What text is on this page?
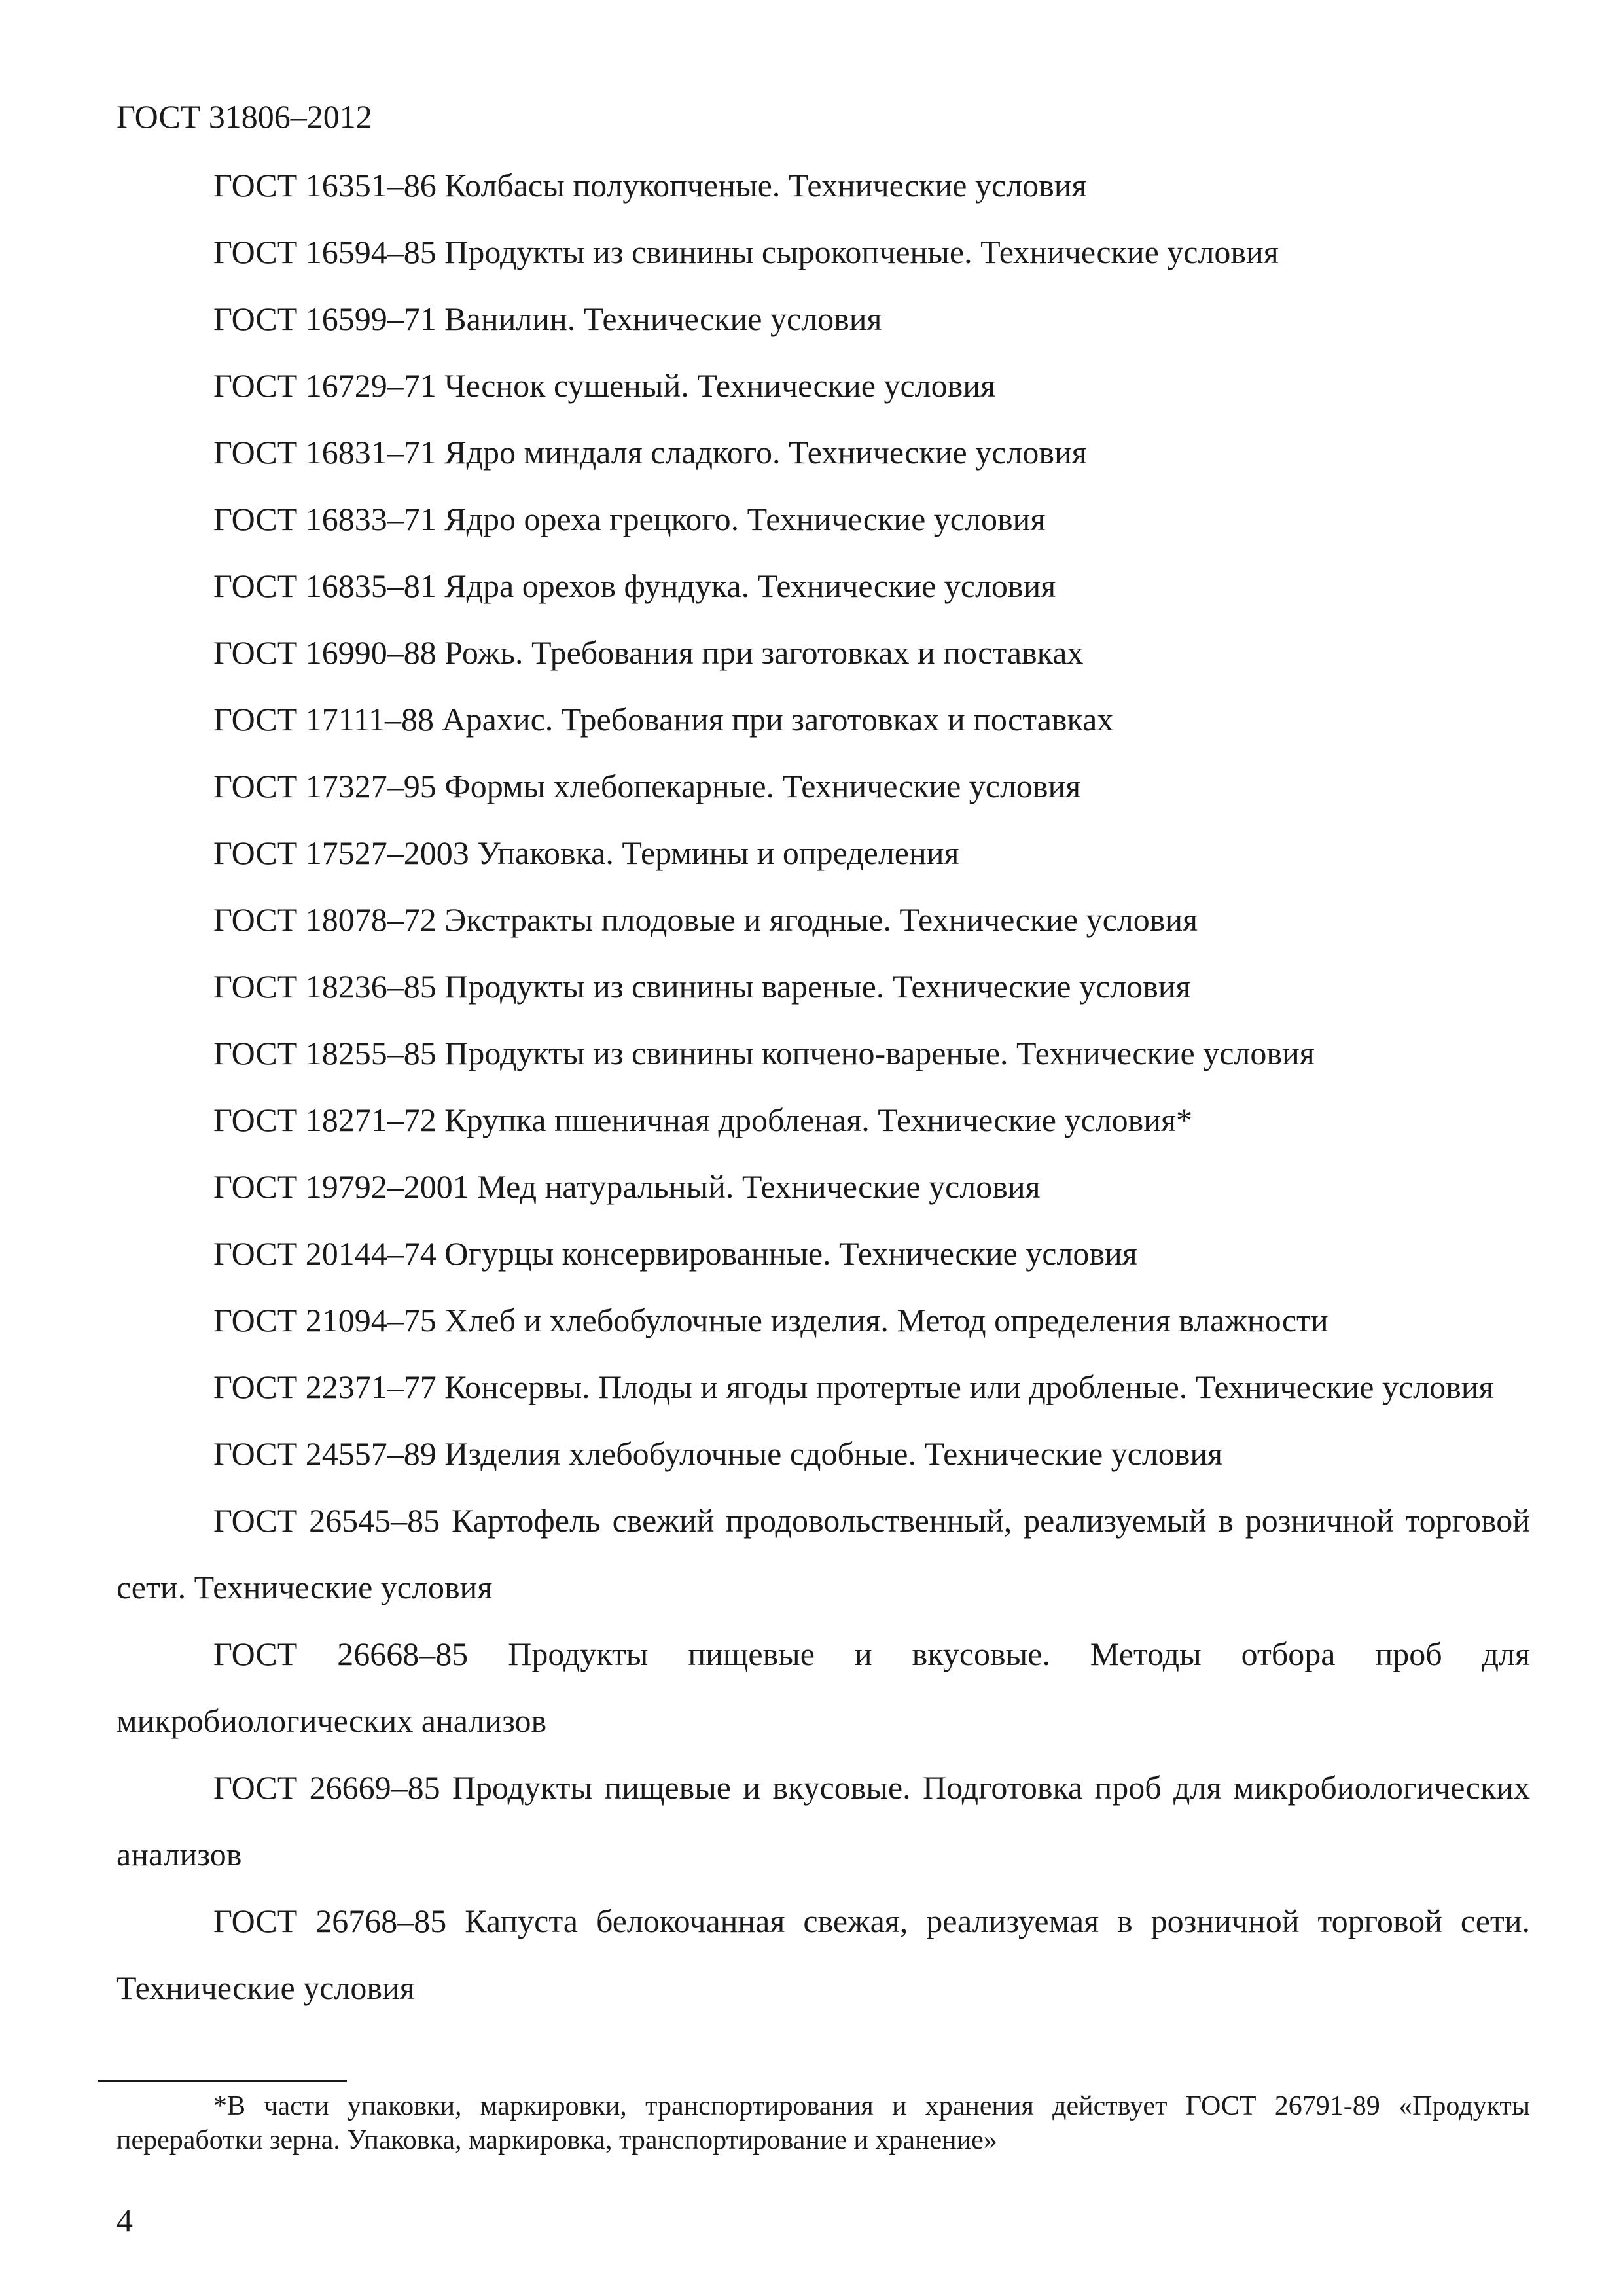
ГОСТ 31806–2012

ГОСТ 16351–86 Колбасы полукопченые. Технические условия

ГОСТ 16594–85 Продукты из свинины сырокопченые. Технические условия

ГОСТ 16599–71 Ванилин. Технические условия

ГОСТ 16729–71 Чеснок сушеный. Технические условия

ГОСТ 16831–71 Ядро миндаля сладкого. Технические условия

ГОСТ 16833–71 Ядро ореха грецкого. Технические условия

ГОСТ 16835–81 Ядра орехов фундука. Технические условия

ГОСТ 16990–88 Рожь. Требования при заготовках и поставках

ГОСТ 17111–88 Арахис. Требования при заготовках и поставках

ГОСТ 17327–95 Формы хлебопекарные. Технические условия

ГОСТ 17527–2003 Упаковка. Термины и определения

ГОСТ 18078–72 Экстракты плодовые и ягодные. Технические условия

ГОСТ 18236–85 Продукты из свинины вареные. Технические условия

ГОСТ 18255–85 Продукты из свинины копчено-вареные. Технические условия

ГОСТ 18271–72 Крупка пшеничная дробленая. Технические условия*

ГОСТ 19792–2001 Мед натуральный. Технические условия

ГОСТ 20144–74 Огурцы консервированные. Технические условия

ГОСТ 21094–75 Хлеб и хлебобулочные изделия. Метод определения влажности

ГОСТ 22371–77 Консервы. Плоды и ягоды протертые или дробленые. Технические условия

ГОСТ 24557–89 Изделия хлебобулочные сдобные. Технические условия

ГОСТ 26545–85 Картофель свежий продовольственный, реализуемый в розничной торговой сети. Технические условия

ГОСТ 26668–85 Продукты пищевые и вкусовые. Методы отбора проб для микробиологических анализов

ГОСТ 26669–85 Продукты пищевые и вкусовые. Подготовка проб для микробиологических анализов

ГОСТ 26768–85 Капуста белокочанная свежая, реализуемая в розничной торговой сети. Технические условия

*В части упаковки, маркировки, транспортирования и хранения действует ГОСТ 26791-89 «Продукты переработки зерна. Упаковка, маркировка, транспортирование и хранение»
4
